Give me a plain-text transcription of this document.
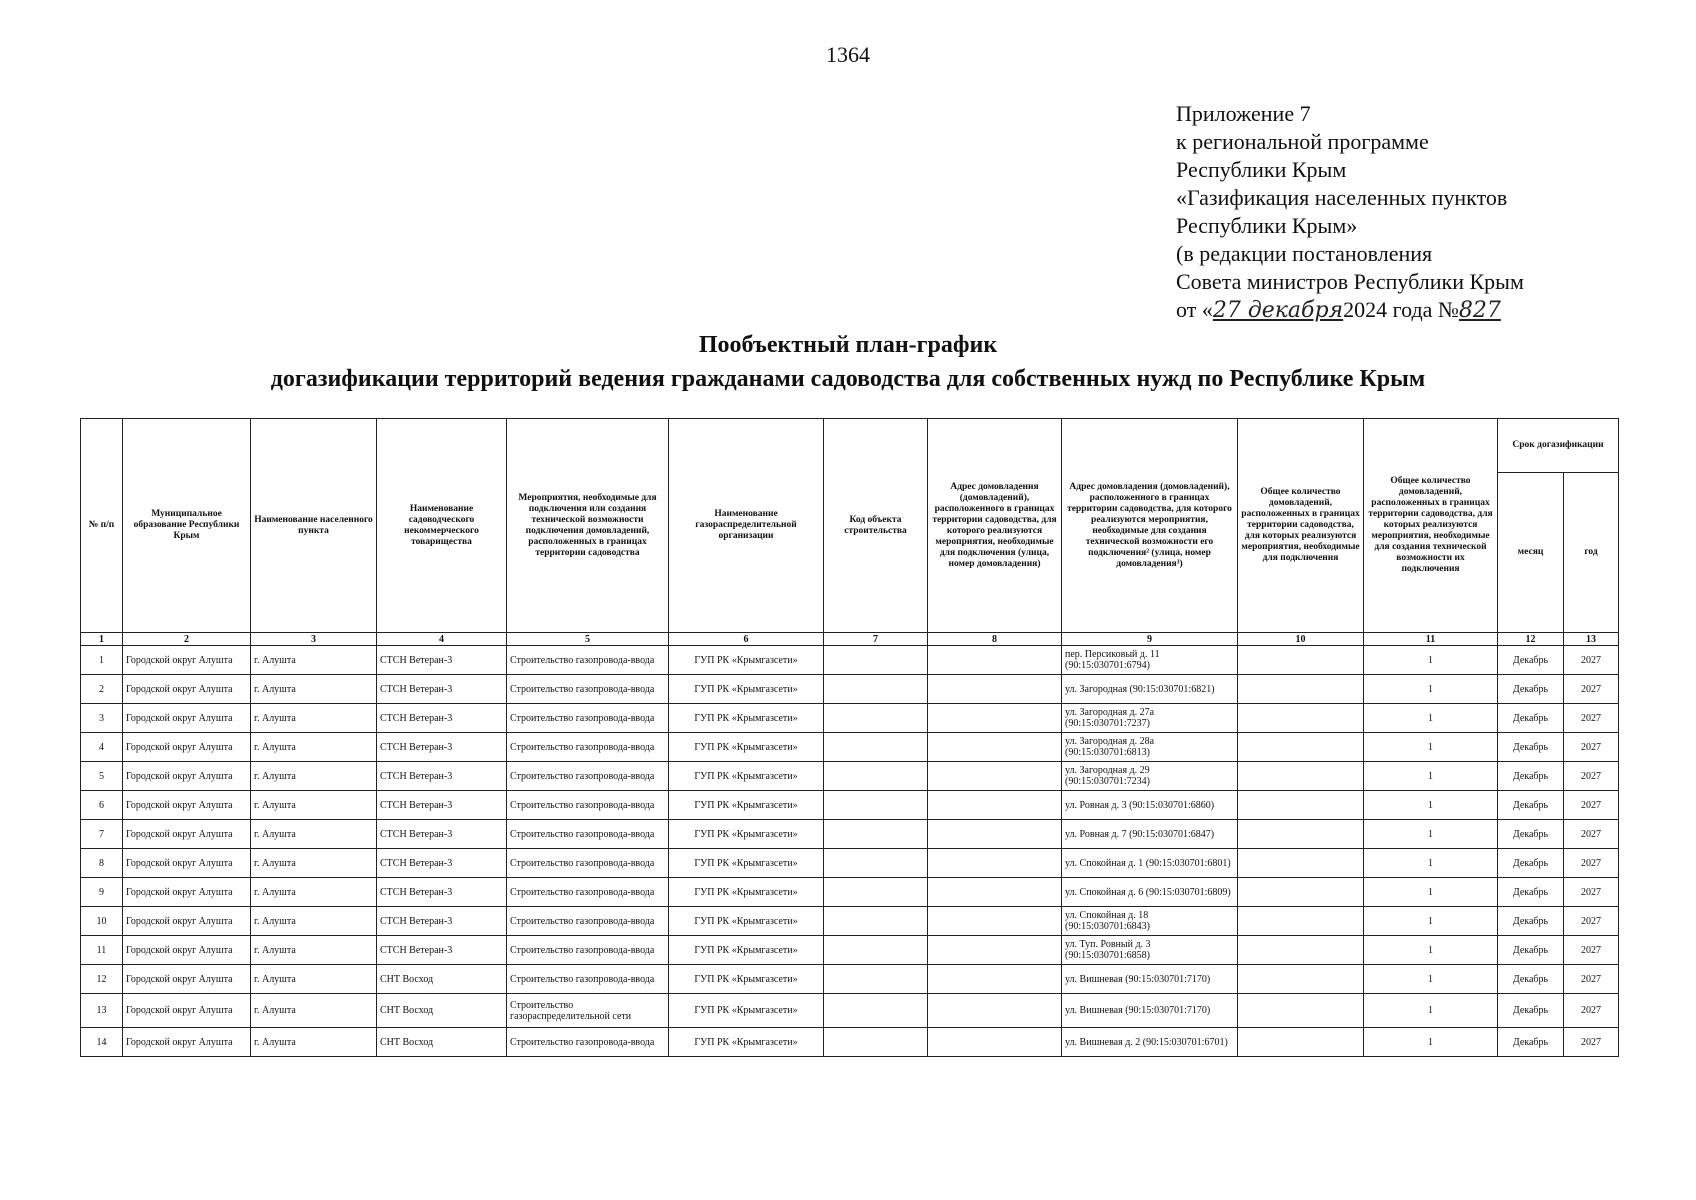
1364
Приложение 7
к региональной программе
Республики Крым
«Газификация населенных пунктов
Республики Крым»
(в редакции постановления
Совета министров Республики Крым
от «27 декабря2024 года №827
Пообъектный план-график
догазификации территорий ведения гражданами садоводства для собственных нужд по Республике Крым
№ п/п	Муниципальное образование Республики Крым	Наименование населенного пункта	Наименование садоводческого некоммерческого товарищества	Мероприятия, необходимые для подключения или создания технической возможности подключения домовладений, расположенных в границах территории садоводства	Наименование газораспределительной организации	Код объекта строительства	Адрес домовладения (домовладений), расположенного в границах территории садоводства, для которого реализуются мероприятия, необходимые для подключения (улица, номер домовладения)	Адрес домовладения (домовладений), расположенного в границах территории садоводства, для которого реализуются мероприятия, необходимые для создания технической возможности его подключения² (улица, номер домовладения³)	Общее количество домовладений, расположенных в границах территории садоводства, для которых реализуются мероприятия, необходимые для подключения	Общее количество домовладений, расположенных в границах территории садоводства, для которых реализуются мероприятия, необходимые для создания технической возможности их подключения	Срок догазификации	
											месяц	год
1	2	3	4	5	6	7	8	9	10	11	12	13
1	Городской округ Алушта	г. Алушта	СТСН Ветеран-3	Строительство газопровода-ввода	ГУП РК «Крымгазсети»			пер. Персиковый д. 11 (90:15:030701:6794)		1	Декабрь	2027
2	Городской округ Алушта	г. Алушта	СТСН Ветеран-3	Строительство газопровода-ввода	ГУП РК «Крымгазсети»			ул. Загородная (90:15:030701:6821)		1	Декабрь	2027
3	Городской округ Алушта	г. Алушта	СТСН Ветеран-3	Строительство газопровода-ввода	ГУП РК «Крымгазсети»			ул. Загородная д. 27а (90:15:030701:7237)		1	Декабрь	2027
4	Городской округ Алушта	г. Алушта	СТСН Ветеран-3	Строительство газопровода-ввода	ГУП РК «Крымгазсети»			ул. Загородная д. 28а (90:15:030701:6813)		1	Декабрь	2027
5	Городской округ Алушта	г. Алушта	СТСН Ветеран-3	Строительство газопровода-ввода	ГУП РК «Крымгазсети»			ул. Загородная д. 29 (90:15:030701:7234)		1	Декабрь	2027
6	Городской округ Алушта	г. Алушта	СТСН Ветеран-3	Строительство газопровода-ввода	ГУП РК «Крымгазсети»			ул. Ровная д. 3 (90:15:030701:6860)		1	Декабрь	2027
7	Городской округ Алушта	г. Алушта	СТСН Ветеран-3	Строительство газопровода-ввода	ГУП РК «Крымгазсети»			ул. Ровная д. 7 (90:15:030701:6847)		1	Декабрь	2027
8	Городской округ Алушта	г. Алушта	СТСН Ветеран-3	Строительство газопровода-ввода	ГУП РК «Крымгазсети»			ул. Спокойная д. 1 (90:15:030701:6801)		1	Декабрь	2027
9	Городской округ Алушта	г. Алушта	СТСН Ветеран-3	Строительство газопровода-ввода	ГУП РК «Крымгазсети»			ул. Спокойная д. 6 (90:15:030701:6809)		1	Декабрь	2027
10	Городской округ Алушта	г. Алушта	СТСН Ветеран-3	Строительство газопровода-ввода	ГУП РК «Крымгазсети»			ул. Спокойная д. 18 (90:15:030701:6843)		1	Декабрь	2027
11	Городской округ Алушта	г. Алушта	СТСН Ветеран-3	Строительство газопровода-ввода	ГУП РК «Крымгазсети»			ул. Туп. Ровный д. 3 (90:15:030701:6858)		1	Декабрь	2027
12	Городской округ Алушта	г. Алушта	СНТ Восход	Строительство газопровода-ввода	ГУП РК «Крымгазсети»			ул. Вишневая (90:15:030701:7170)		1	Декабрь	2027
13	Городской округ Алушта	г. Алушта	СНТ Восход	Строительство газораспределительной сети	ГУП РК «Крымгазсети»			ул. Вишневая (90:15:030701:7170)		1	Декабрь	2027
14	Городской округ Алушта	г. Алушта	СНТ Восход	Строительство газопровода-ввода	ГУП РК «Крымгазсети»			ул. Вишневая д. 2 (90:15:030701:6701)		1	Декабрь	2027
